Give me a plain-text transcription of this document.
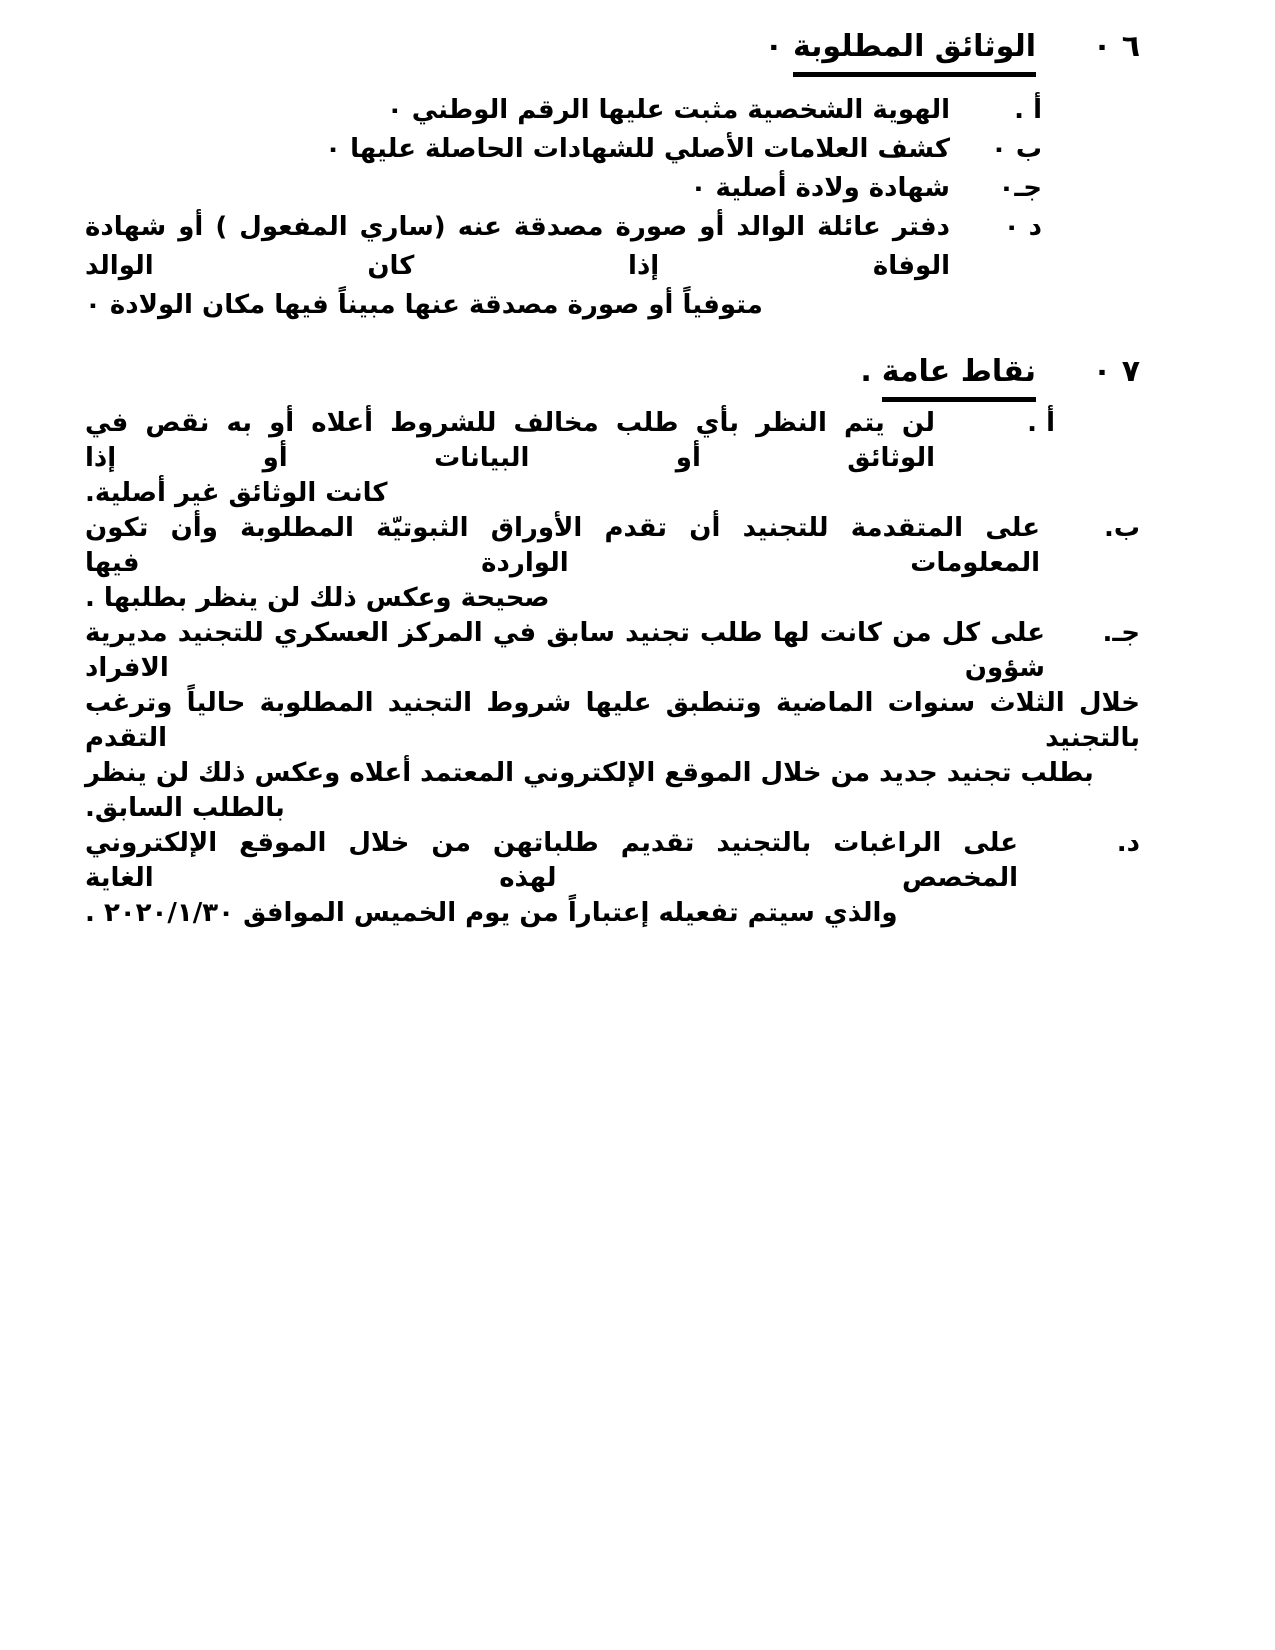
٦ ٠
الوثائق المطلوبة٠
أ .
الهوية الشخصية مثبت عليها الرقم الوطني ٠
ب ٠
كشف العلامات الأصلي للشهادات الحاصلة عليها ٠
جـ٠
شهادة ولادة أصلية ٠
د ٠
دفتر عائلة الوالد أو صورة مصدقة عنه (ساري المفعول ) أو شهادة الوفاة إذا كان الوالد
متوفياً أو صورة مصدقة عنها مبيناً فيها مكان الولادة ٠
٧ ٠
نقاط عامة.
أ .
لن يتم النظر بأي طلب مخالف للشروط أعلاه أو به نقص في الوثائق أو البيانات أو إذا
كانت الوثائق غير أصلية.
ب.
على المتقدمة للتجنيد أن تقدم الأوراق الثبوتيّة المطلوبة وأن تكون المعلومات الواردة فيها
صحيحة وعكس ذلك لن ينظر بطلبها .
جـ.
على كل من كانت لها طلب تجنيد سابق في المركز العسكري للتجنيد مديرية شؤون الافراد
خلال الثلاث سنوات الماضية وتنطبق عليها شروط التجنيد المطلوبة حالياً وترغب بالتجنيد التقدم
بطلب تجنيد جديد من خلال الموقع الإلكتروني المعتمد أعلاه وعكس ذلك لن ينظر بالطلب السابق.
د.
على الراغبات بالتجنيد تقديم طلباتهن من خلال الموقع الإلكتروني المخصص لهذه الغاية
والذي سيتم تفعيله إعتباراً من يوم الخميس الموافق ٢٠٢٠/١/٣٠ .
